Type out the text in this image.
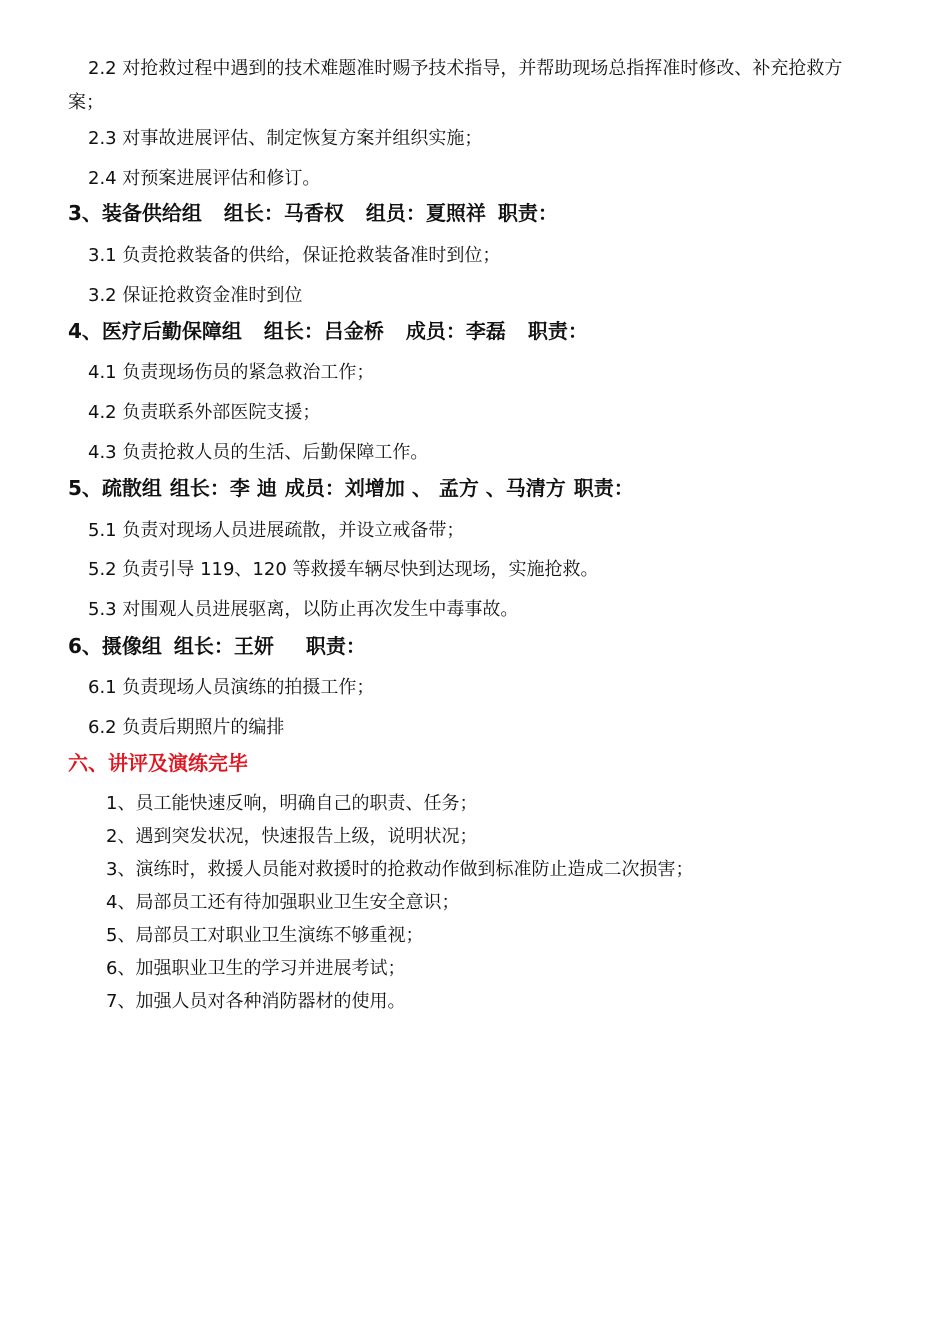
2.2 对抢救过程中遇到的技术难题准时赐予技术指导，并帮助现场总指挥准时修改、补充抢救方
案；
2.3 对事故进展评估、制定恢复方案并组织实施；
2.4 对预案进展评估和修订。
3、装备供给组 组长：马香权 组员：夏照祥 职责：
3.1 负责抢救装备的供给，保证抢救装备准时到位；
3.2 保证抢救资金准时到位
4、医疗后勤保障组 组长：吕金桥 成员：李磊 职责：
4.1 负责现场伤员的紧急救治工作；
4.2 负责联系外部医院支援；
4.3 负责抢救人员的生活、后勤保障工作。
5、疏散组 组长：李 迪 成员：刘增加 、 孟方 、马清方 职责：
5.1 负责对现场人员进展疏散，并设立戒备带；
5.2 负责引导 119、120 等救援车辆尽快到达现场，实施抢救。
5.3 对围观人员进展驱离，以防止再次发生中毒事故。
6、摄像组 组长：王妍 职责：
6.1 负责现场人员演练的拍摄工作；
6.2 负责后期照片的编排
六、讲评及演练完毕
1、员工能快速反响，明确自己的职责、任务；
2、遇到突发状况，快速报告上级，说明状况；
3、演练时，救援人员能对救援时的抢救动作做到标准防止造成二次损害；
4、局部员工还有待加强职业卫生安全意识；
5、局部员工对职业卫生演练不够重视；
6、加强职业卫生的学习并进展考试；
7、加强人员对各种消防器材的使用。
